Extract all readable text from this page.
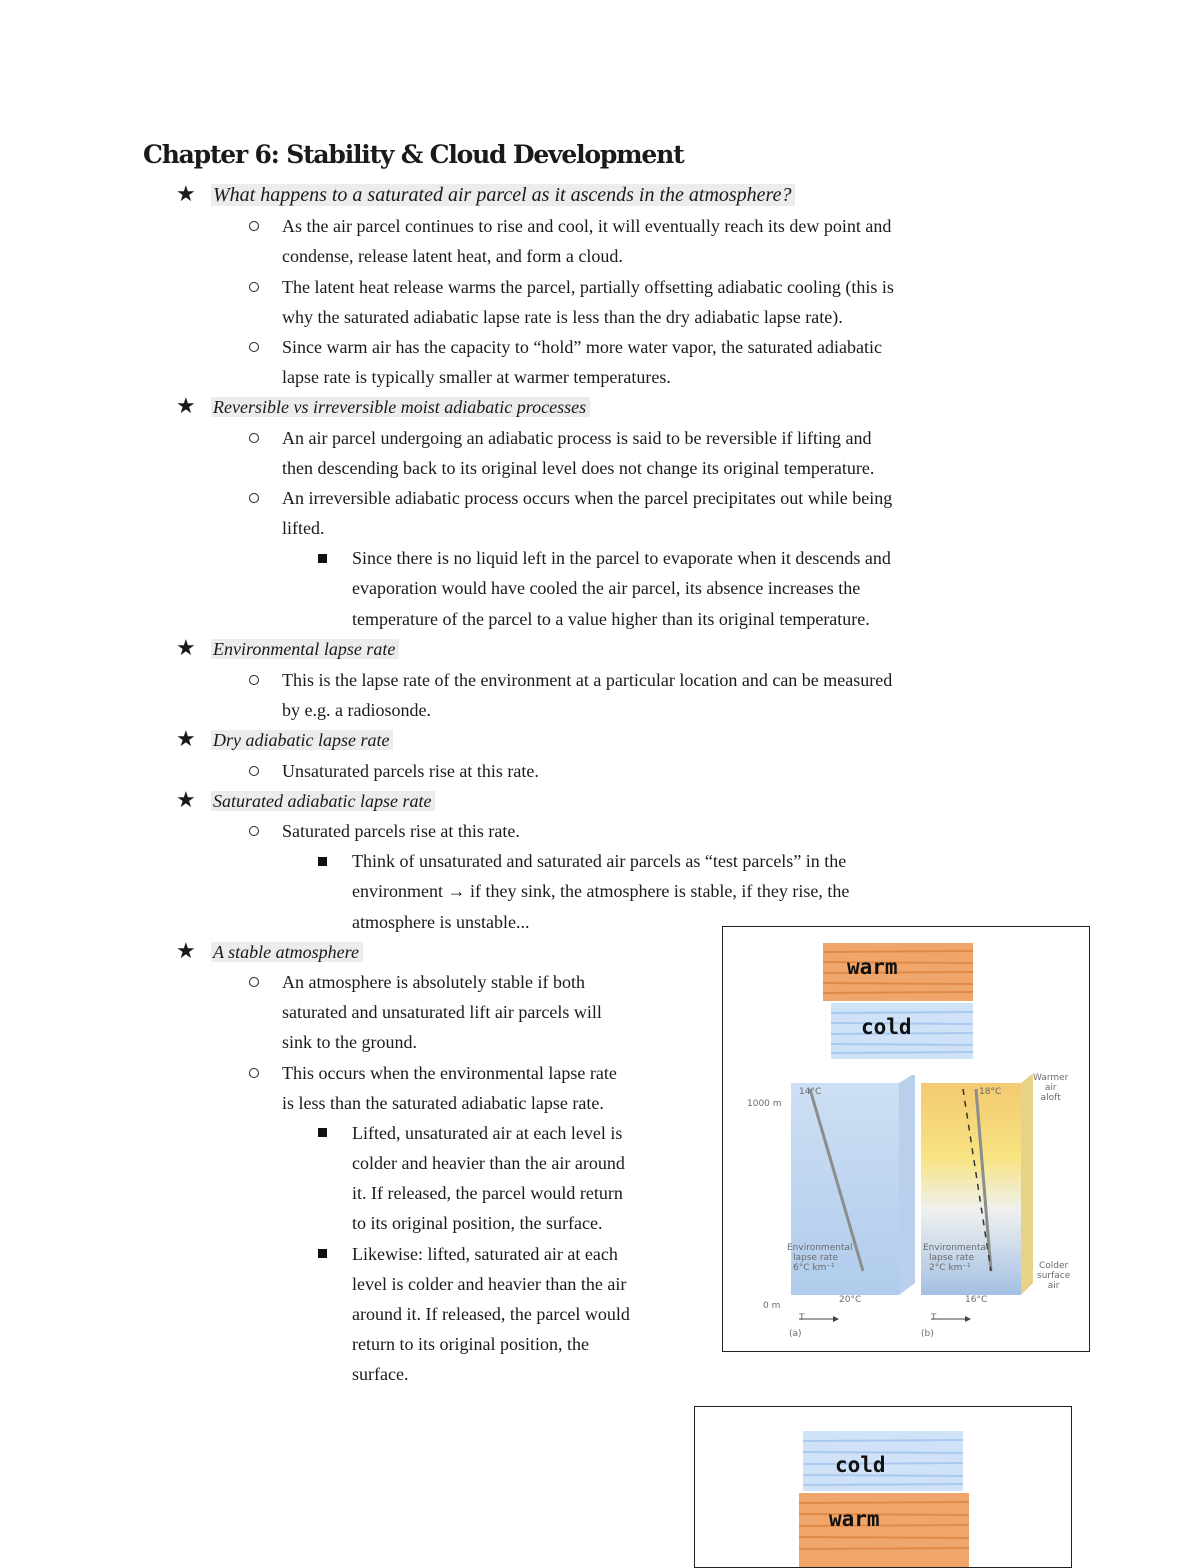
Chapter 6: Stability & Cloud Development
★ What happens to a saturated air parcel as it ascends in the atmosphere?
As the air parcel continues to rise and cool, it will eventually reach its dew point and
condense, release latent heat, and form a cloud.
The latent heat release warms the parcel, partially offsetting adiabatic cooling (this is
why the saturated adiabatic lapse rate is less than the dry adiabatic lapse rate).
Since warm air has the capacity to “hold” more water vapor, the saturated adiabatic
lapse rate is typically smaller at warmer temperatures.
★ Reversible vs irreversible moist adiabatic processes
An air parcel undergoing an adiabatic process is said to be reversible if lifting and
then descending back to its original level does not change its original temperature.
An irreversible adiabatic process occurs when the parcel precipitates out while being
lifted.
Since there is no liquid left in the parcel to evaporate when it descends and
evaporation would have cooled the air parcel, its absence increases the
temperature of the parcel to a value higher than its original temperature.
★ Environmental lapse rate
This is the lapse rate of the environment at a particular location and can be measured
by e.g. a radiosonde.
★ Dry adiabatic lapse rate
Unsaturated parcels rise at this rate.
★ Saturated adiabatic lapse rate
Saturated parcels rise at this rate.
Think of unsaturated and saturated air parcels as “test parcels” in the
environment → if they sink, the atmosphere is stable, if they rise, the
atmosphere is unstable...
★ A stable atmosphere
An atmosphere is absolutely stable if both
saturated and unsaturated lift air parcels will
sink to the ground.
This occurs when the environmental lapse rate
is less than the saturated adiabatic lapse rate.
Lifted, unsaturated air at each level is
colder and heavier than the air around
it. If released, the parcel would return
to its original position, the surface.
Likewise: lifted, saturated air at each
level is colder and heavier than the air
around it. If released, the parcel would
return to its original position, the
surface.
warm
cold
1000 m
0 m
14°C
20°C
Environmental
lapse rate
6°C km⁻¹
T
(a)
18°C
16°C
Environmental
lapse rate
2°C km⁻¹
Warmer
air
aloft
Colder
surface
air
T
(b)
cold
warm
